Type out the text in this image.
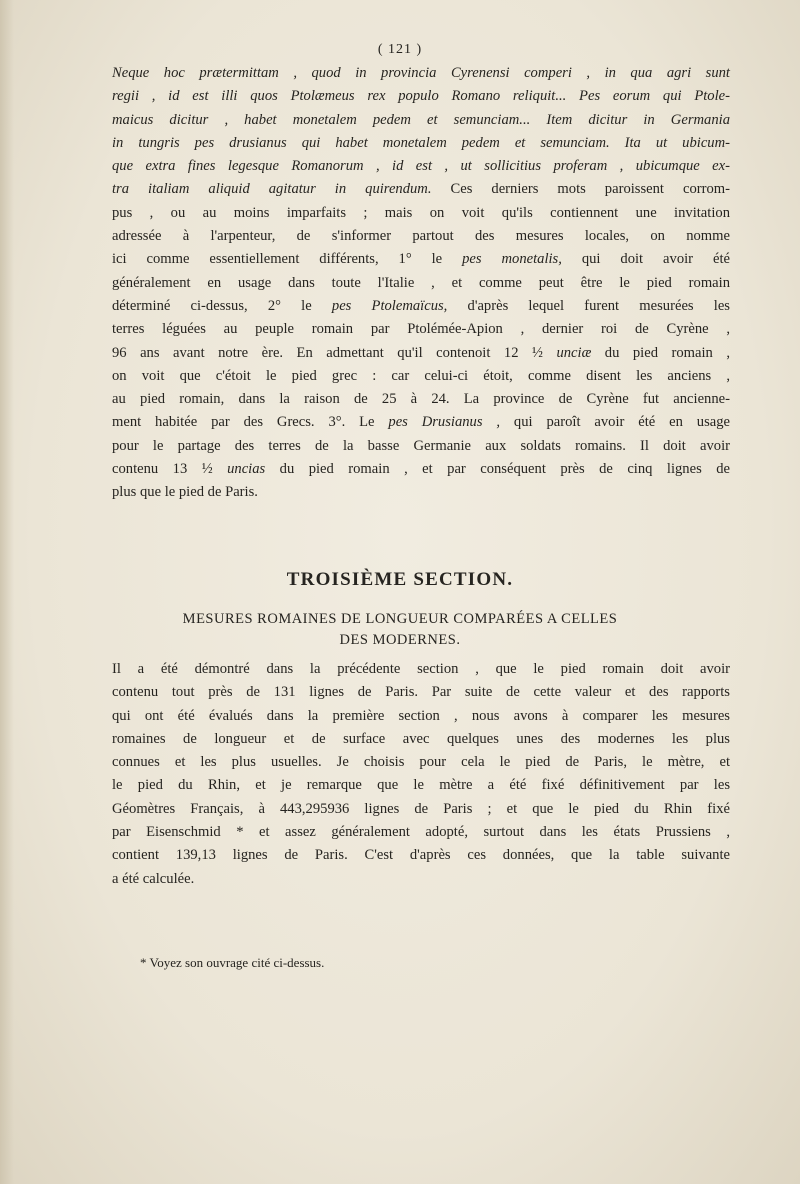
( 121 )
Neque hoc prætermittam , quod in provincia Cyrenensi comperi , in qua agri sunt
regii , id est illi quos Ptolæmeus rex populo Romano reliquit... Pes eorum qui Ptole-
maicus dicitur , habet monetalem pedem et semunciam... Item dicitur in Germania
in tungris pes drusianus qui habet monetalem pedem et semunciam. Ita ut ubicum-
que extra fines legesque Romanorum , id est , ut sollicitius proferam , ubicumque ex-
tra italiam aliquid agitatur in quirendum. Ces derniers mots paroissent corrom-
pus , ou au moins imparfaits ; mais on voit qu'ils contiennent une invitation
adressée à l'arpenteur, de s'informer partout des mesures locales, on nomme
ici comme essentiellement différents, 1° le pes monetalis, qui doit avoir été
généralement en usage dans toute l'Italie , et comme peut être le pied romain
déterminé ci-dessus, 2° le pes Ptolemaïcus, d'après lequel furent mesurées les
terres léguées au peuple romain par Ptolémée-Apion , dernier roi de Cyrène ,
96 ans avant notre ère. En admettant qu'il contenoit 12 ½ unciæ du pied romain ,
on voit que c'étoit le pied grec : car celui-ci étoit, comme disent les anciens ,
au pied romain, dans la raison de 25 à 24. La province de Cyrène fut ancienne-
ment habitée par des Grecs. 3°. Le pes Drusianus , qui paroît avoir été en usage
pour le partage des terres de la basse Germanie aux soldats romains. Il doit avoir
contenu 13 ½ uncias du pied romain , et par conséquent près de cinq lignes de
plus que le pied de Paris.
TROISIÈME SECTION.
MESURES ROMAINES DE LONGUEUR COMPARÉES A CELLES
DES MODERNES.
Il a été démontré dans la précédente section , que le pied romain doit avoir
contenu tout près de 131 lignes de Paris. Par suite de cette valeur et des rapports
qui ont été évalués dans la première section , nous avons à comparer les mesures
romaines de longueur et de surface avec quelques unes des modernes les plus
connues et les plus usuelles. Je choisis pour cela le pied de Paris, le mètre, et
le pied du Rhin, et je remarque que le mètre a été fixé définitivement par les
Géomètres Français, à 443,295936 lignes de Paris ; et que le pied du Rhin fixé
par Eisenschmid * et assez généralement adopté, surtout dans les états Prussiens ,
contient 139,13 lignes de Paris. C'est d'après ces données, que la table suivante
a été calculée.
* Voyez son ouvrage cité ci-dessus.
